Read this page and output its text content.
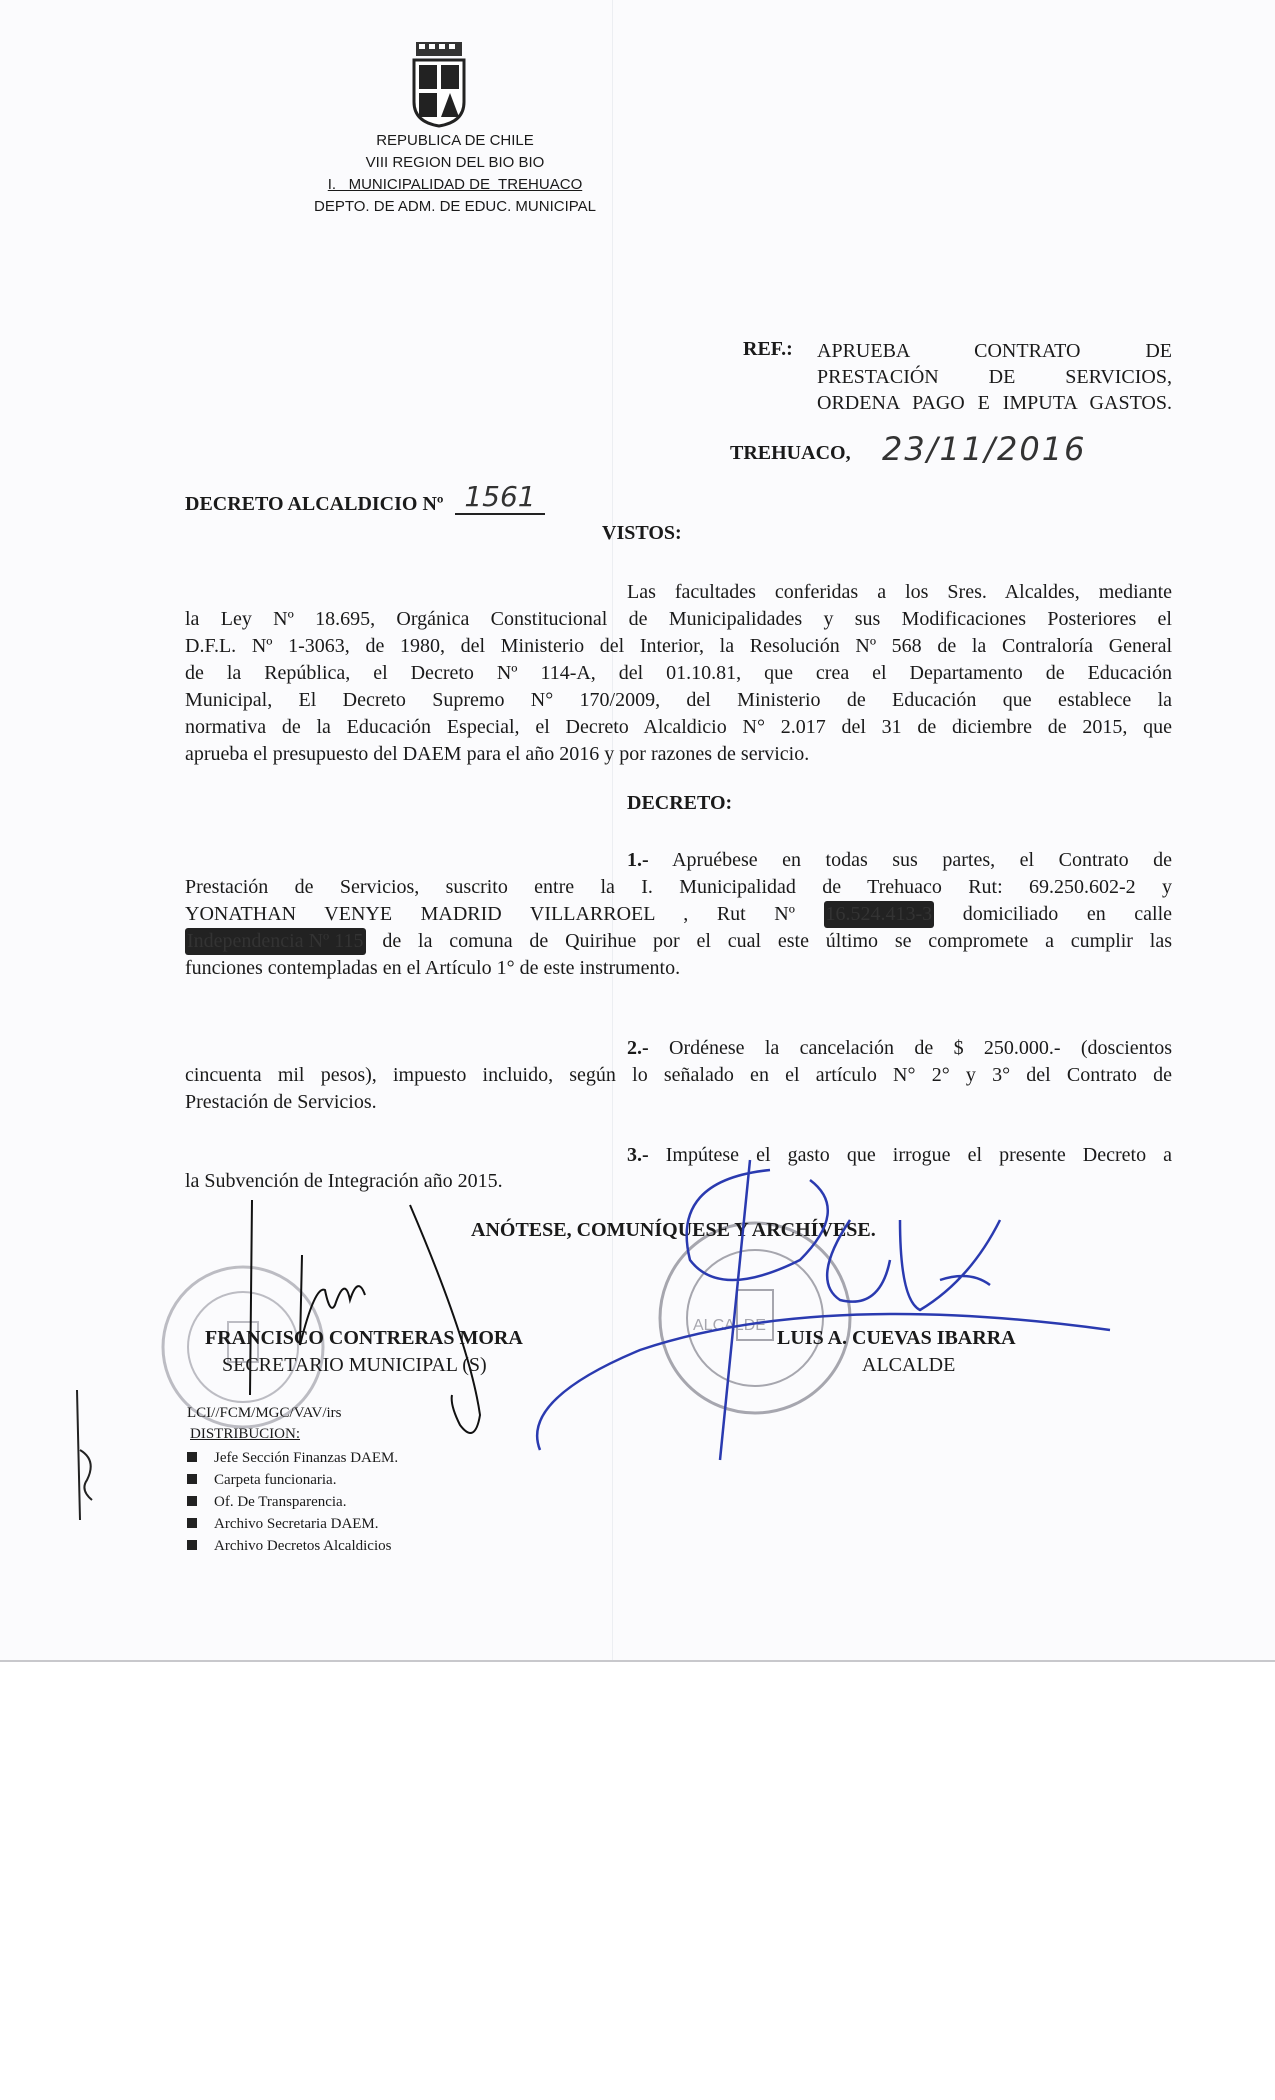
REPUBLICA DE CHILE
VIII REGION DEL BIO BIO
I.   MUNICIPALIDAD DE  TREHUACO
DEPTO. DE ADM. DE EDUC. MUNICIPAL
REF.: APRUEBA CONTRATO DE
PRESTACIÓN DE SERVICIOS,
ORDENA PAGO E IMPUTA GASTOS.
TREHUACO, 23/11/2016
DECRETO ALCALDICIO Nº 1561
VISTOS:
Las facultades conferidas a los Sres. Alcaldes, mediante
la Ley Nº 18.695, Orgánica Constitucional de Municipalidades y sus Modificaciones Posteriores el
D.F.L. Nº 1-3063, de 1980, del Ministerio del Interior, la Resolución Nº 568 de la Contraloría General
de la República, el Decreto Nº 114-A, del 01.10.81, que crea el Departamento de Educación
Municipal, El Decreto Supremo N° 170/2009, del Ministerio de Educación que establece la
normativa de la Educación Especial, el Decreto Alcaldicio N° 2.017 del 31 de diciembre de 2015, que
aprueba el presupuesto del DAEM para el año 2016 y por razones de servicio.
DECRETO:
1.- Apruébese en todas sus partes, el Contrato de
Prestación de Servicios, suscrito entre la I. Municipalidad de Trehuaco Rut: 69.250.602-2 y
YONATHAN VENYE MADRID VILLARROEL , Rut Nº 16.524.413-3 domiciliado en calle
Independencia Nº 115 de la comuna de Quirihue por el cual este último se compromete a cumplir las
funciones contempladas en el Artículo 1° de este instrumento.
2.- Ordénese la cancelación de $ 250.000.- (doscientos
cincuenta mil pesos), impuesto incluido, según lo señalado en el artículo N° 2° y 3° del Contrato de
Prestación de Servicios.
3.- Impútese el gasto que irrogue el presente Decreto a
la Subvención de Integración año 2015.
ALCALDE
ANÓTESE, COMUNÍQUESE Y ARCHÍVESE.
FRANCISCO CONTRERAS MORA
SECRETARIO MUNICIPAL (S)
LUIS A. CUEVAS IBARRA
ALCALDE
LCI//FCM/MGC/VAV/irs
DISTRIBUCION:
Jefe Sección Finanzas DAEM.
Carpeta funcionaria.
Of. De Transparencia.
Archivo Secretaria DAEM.
Archivo Decretos Alcaldicios
